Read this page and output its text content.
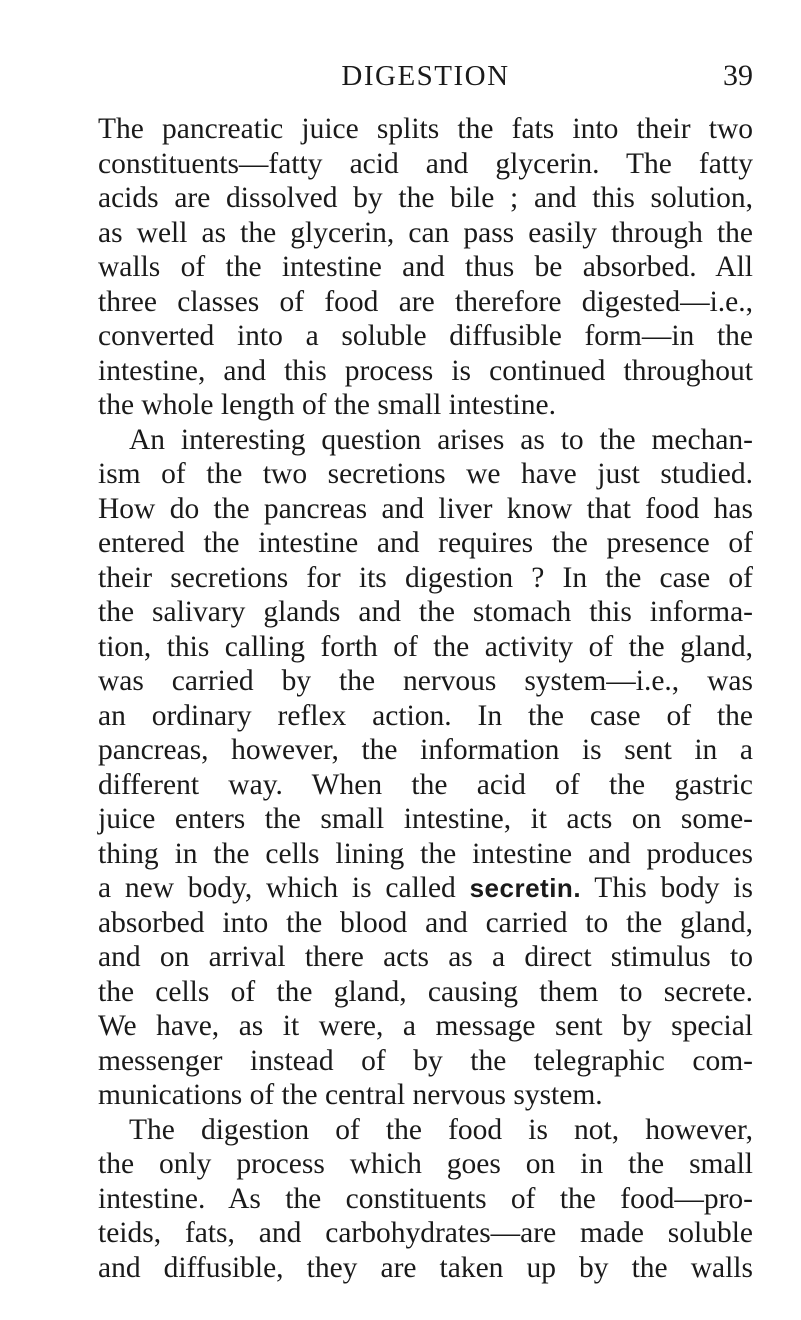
DIGESTION	39
The pancreatic juice splits the fats into their two
constituents—fatty acid and glycerin. The fatty
acids are dissolved by the bile ; and this solution,
as well as the glycerin, can pass easily through the
walls of the intestine and thus be absorbed. All
three classes of food are therefore digested—i.e.,
converted into a soluble diffusible form—in the
intestine, and this process is continued throughout
the whole length of the small intestine.
An interesting question arises as to the mechan-
ism of the two secretions we have just studied.
How do the pancreas and liver know that food has
entered the intestine and requires the presence of
their secretions for its digestion ? In the case of
the salivary glands and the stomach this informa-
tion, this calling forth of the activity of the gland,
was carried by the nervous system—i.e., was
an ordinary reflex action. In the case of the
pancreas, however, the information is sent in a
different way. When the acid of the gastric
juice enters the small intestine, it acts on some-
thing in the cells lining the intestine and produces
a new body, which is called secretin. This body is
absorbed into the blood and carried to the gland,
and on arrival there acts as a direct stimulus to
the cells of the gland, causing them to secrete.
We have, as it were, a message sent by special
messenger instead of by the telegraphic com-
munications of the central nervous system.
The digestion of the food is not, however,
the only process which goes on in the small
intestine. As the constituents of the food—pro-
teids, fats, and carbohydrates—are made soluble
and diffusible, they are taken up by the walls
